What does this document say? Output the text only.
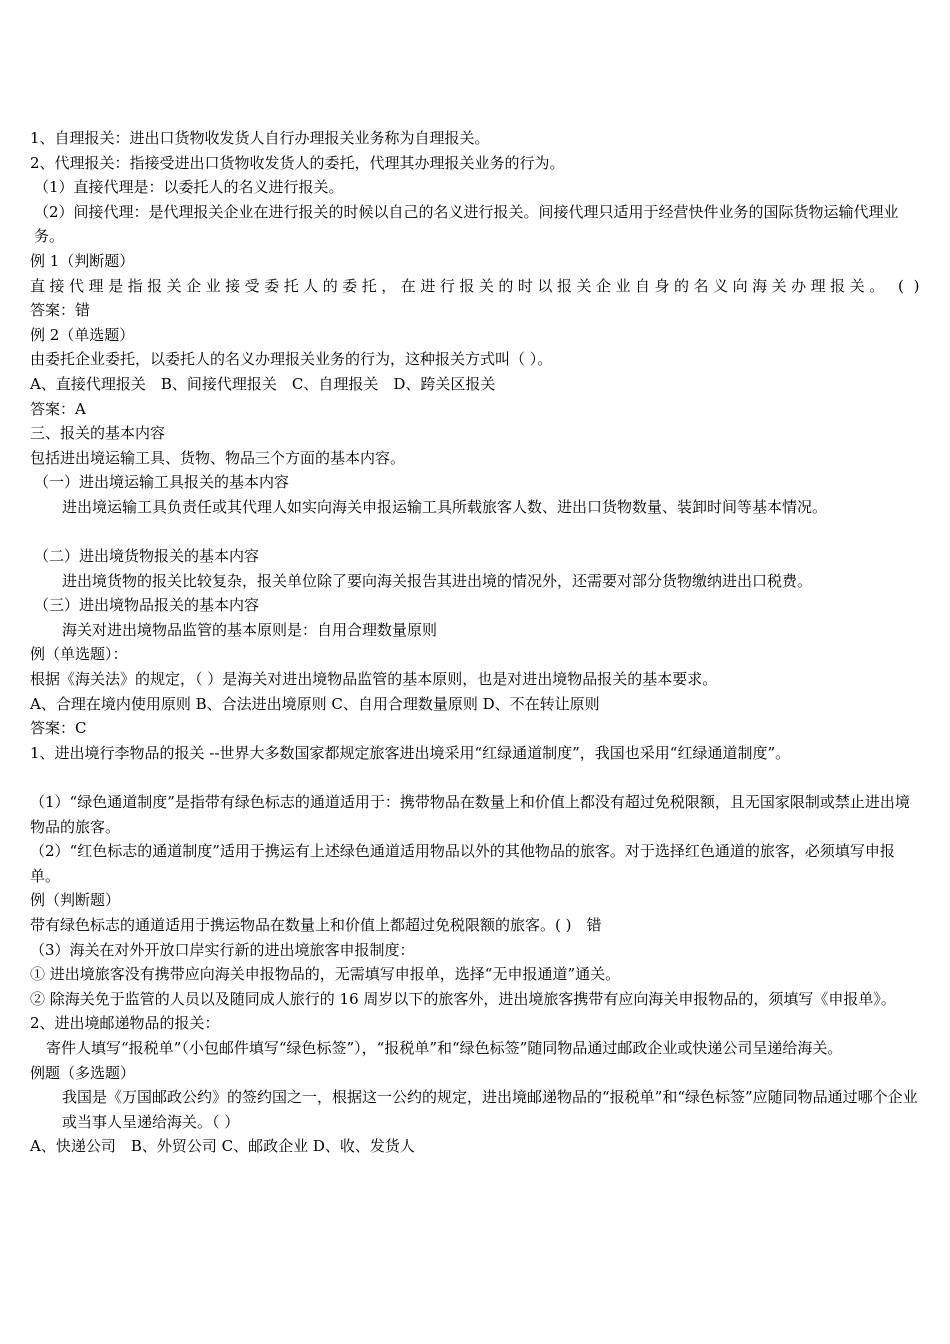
1、自理报关：进出口货物收发货人自行办理报关业务称为自理报关。

2、代理报关：指接受进出口货物收发货人的委托，代理其办理报关业务的行为。

（1）直接代理是：以委托人的名义进行报关。

（2）间接代理：是代理报关企业在进行报关的时候以自己的名义进行报关。间接代理只适用于经营快件业务的国际货物运输代理业务。

例 1（判断题）

直接代理是指报关企业接受委托人的委托，在进行报关的时以报关企业自身的名义向海关办理报关。 ( )

答案：错

例 2（单选题）

由委托企业委托，以委托人的名义办理报关业务的行为，这种报关方式叫（ ）。

A、直接代理报关　B、间接代理报关　C、自理报关　D、跨关区报关

答案：A

三、报关的基本内容

包括进出境运输工具、货物、物品三个方面的基本内容。

（一）进出境运输工具报关的基本内容

进出境运输工具负责任或其代理人如实向海关申报运输工具所载旅客人数、进出口货物数量、装卸时间等基本情况。

（二）进出境货物报关的基本内容

进出境货物的报关比较复杂，报关单位除了要向海关报告其进出境的情况外，还需要对部分货物缴纳进出口税费。

（三）进出境物品报关的基本内容

海关对进出境物品监管的基本原则是：自用合理数量原则

例（单选题）：

根据《海关法》的规定，（ ）是海关对进出境物品监管的基本原则，也是对进出境物品报关的基本要求。

A、合理在境内使用原则 B、合法进出境原则 C、自用合理数量原则 D、不在转让原则

答案：C

1、进出境行李物品的报关 --世界大多数国家都规定旅客进出境采用“红绿通道制度”，我国也采用“红绿通道制度”。

（1）“绿色通道制度”是指带有绿色标志的通道适用于：携带物品在数量上和价值上都没有超过免税限额，且无国家限制或禁止进出境物品的旅客。

（2）“红色标志的通道制度”适用于携运有上述绿色通道适用物品以外的其他物品的旅客。对于选择红色通道的旅客，必须填写申报单。

例（判断题）

带有绿色标志的通道适用于携运物品在数量上和价值上都超过免税限额的旅客。( )　错

（3）海关在对外开放口岸实行新的进出境旅客申报制度：

① 进出境旅客没有携带应向海关申报物品的，无需填写申报单，选择“无申报通道”通关。

② 除海关免于监管的人员以及随同成人旅行的 16 周岁以下的旅客外，进出境旅客携带有应向海关申报物品的，须填写《申报单》。

2、进出境邮递物品的报关：

寄件人填写“报税单”（小包邮件填写“绿色标签”），“报税单”和“绿色标签”随同物品通过邮政企业或快递公司呈递给海关。

例题（多选题）

我国是《万国邮政公约》的签约国之一，根据这一公约的规定，进出境邮递物品的“报税单”和“绿色标签”应随同物品通过哪个企业或当事人呈递给海关。（ ）

A、快递公司　B、外贸公司 C、邮政企业 D、收、发货人
